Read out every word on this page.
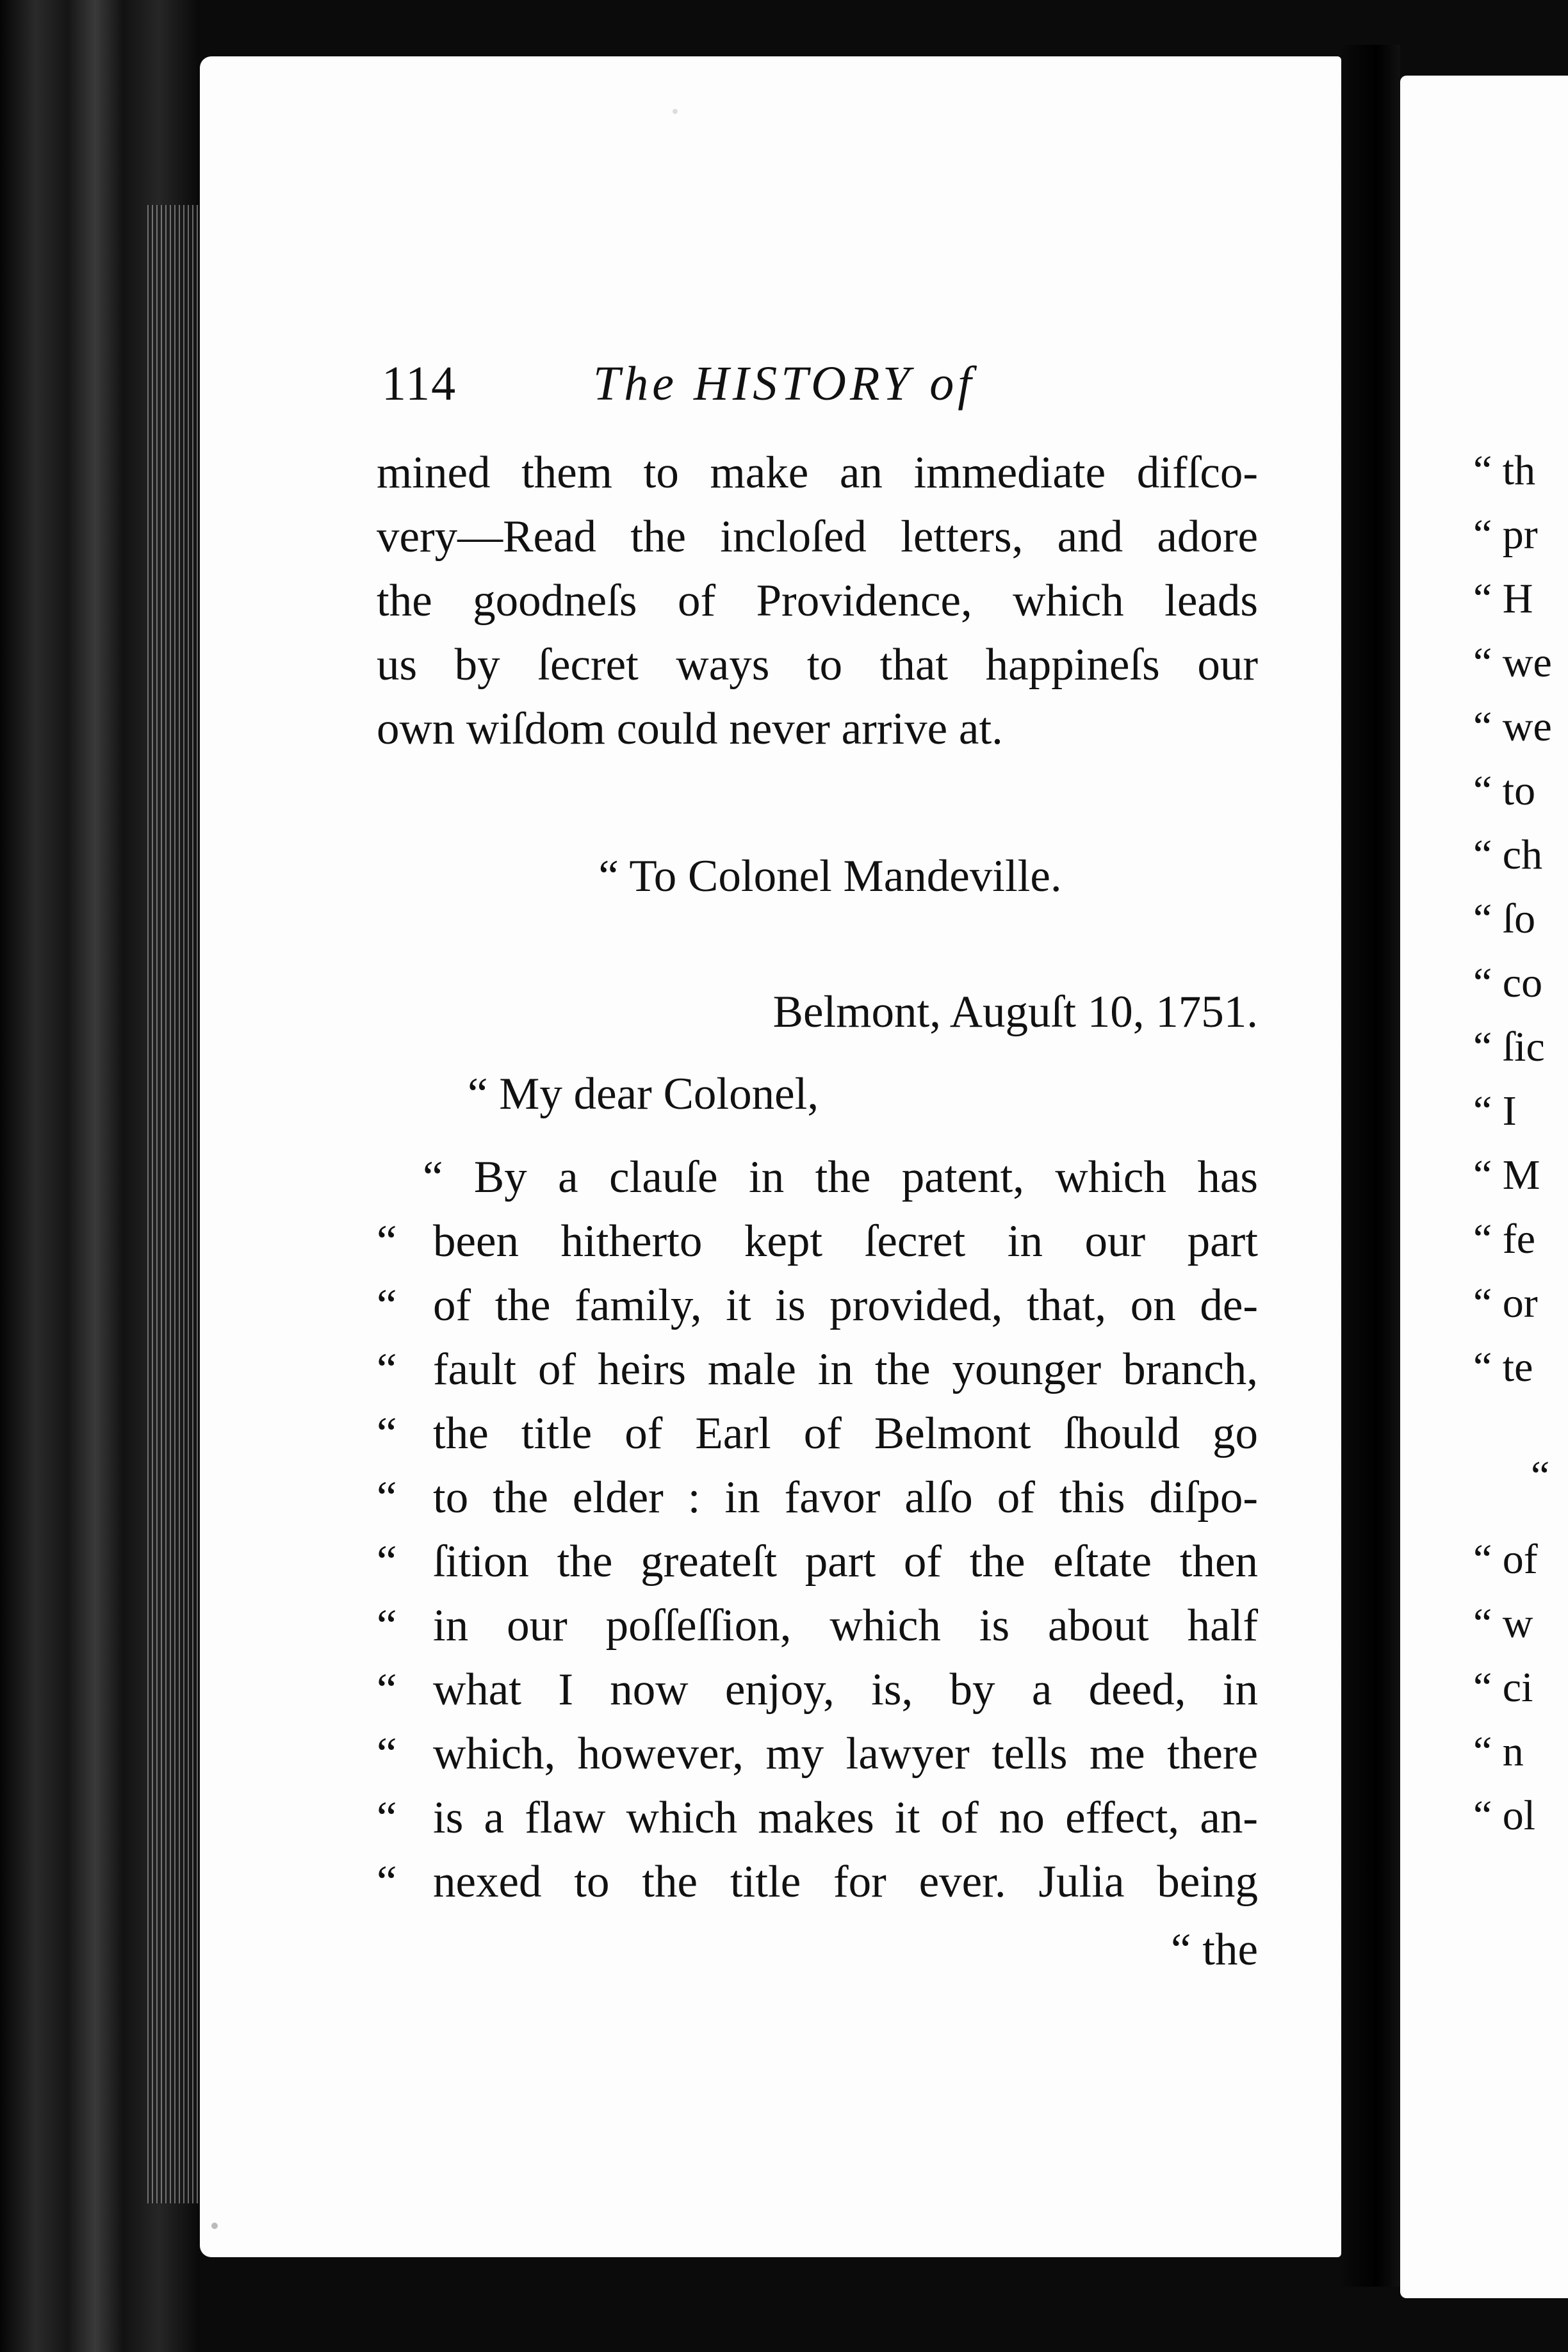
114	The HISTORY of
mined them to make an immediate difſco-
very—Read the incloſed letters, and adore
the goodneſs of Providence, which leads
us by ſecret ways to that happineſs our
own wiſdom could never arrive at.
“ To Colonel Mandeville.
Belmont, Auguſt 10, 1751.
“ My dear Colonel,
“ By a clauſe in the patent, which has
“ been hitherto kept ſecret in our part
“ of the family, it is provided, that, on de-
“ fault of heirs male in the younger branch,
“ the title of Earl of Belmont ſhould go
“ to the elder : in favor alſo of this diſpo-
“ ſition the greateſt part of the eſtate then
“ in our poſſeſſion, which is about half
“ what I now enjoy, is, by a deed, in
“ which, however, my lawyer tells me there
“ is a flaw which makes it of no effect, an-
“ nexed to the title for ever. Julia being
“ the
“ th
“ pr
“ H
“ we
“ we
“ to
“ ch
“ ſo
“ co
“ ſic
“ I
“ M
“ fe
“ or
“ te
“
“ of
“ w
“ ci
“ n
“ ol
